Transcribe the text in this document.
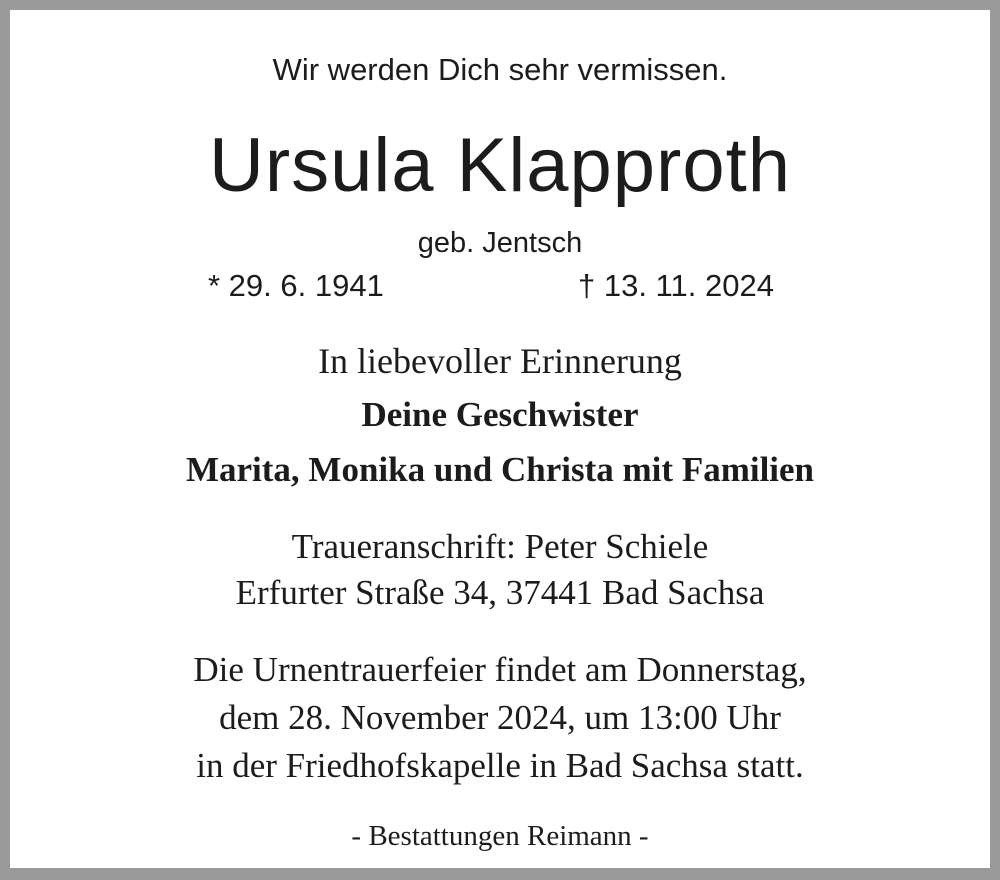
Wir werden Dich sehr vermissen.
Ursula Klapproth
geb. Jentsch
* 29. 6. 1941	† 13. 11. 2024
In liebevoller Erinnerung
Deine Geschwister
Marita, Monika und Christa mit Familien
Traueranschrift: Peter Schiele
Erfurter Straße 34, 37441 Bad Sachsa
Die Urnentrauerfeier findet am Donnerstag,
dem 28. November 2024, um 13:00 Uhr
in der Friedhofskapelle in Bad Sachsa statt.
- Bestattungen Reimann -
